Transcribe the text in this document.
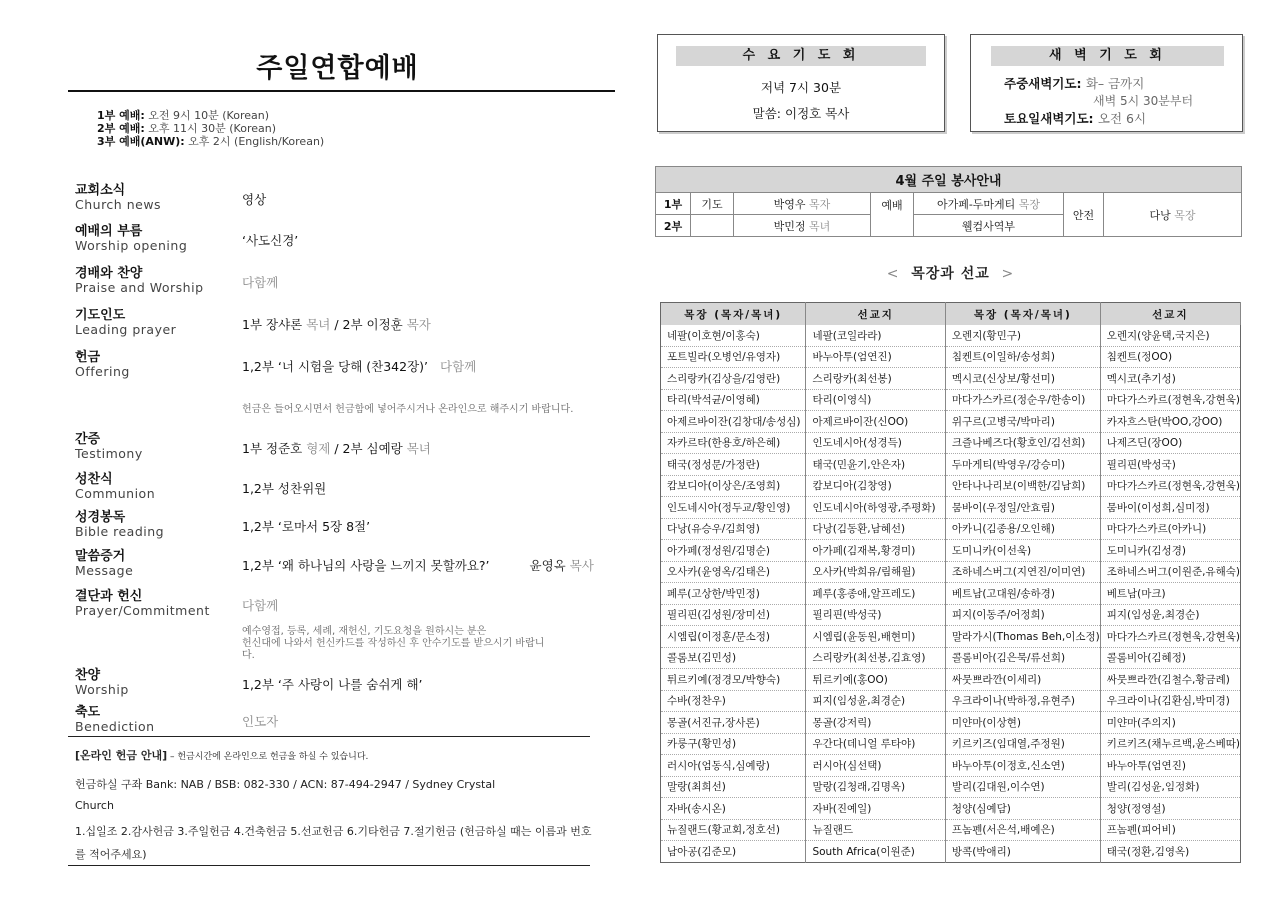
주일연합예배
1부 예배: 오전 9시 10분 (Korean)
2부 예배: 오후 11시 30분 (Korean)
3부 예배(ANW): 오후 2시 (English/Korean)
교회소식
Church news	영상
예배의 부름
Worship opening	‘사도신경’
경배와 찬양
Praise and Worship	다함께
기도인도
Leading prayer	1부 장샤론 목녀 / 2부 이정훈 목자
헌금
Offering	1,2부 ‘너 시험을 당해 (찬342장)’ 다함께
간증
Testimony	1부 정준호 형제 / 2부 심예랑 목녀
성찬식
Communion	1,2부 성찬위원
성경봉독
Bible reading	1,2부 ‘로마서 5장 8절’
말씀증거
Message	1,2부 ‘왜 하나님의 사랑을 느끼지 못할까요?’	윤영옥 목사
결단과 헌신
Prayer/Commitment	다함께
찬양
Worship	1,2부 ‘주 사랑이 나를 숨쉬게 해’
축도
Benediction	인도자
헌금은 들어오시면서 헌금함에 넣어주시거나 온라인으로 해주시기 바랍니다.
예수영접, 등록, 세례, 재헌신, 기도요청을 원하시는 분은
헌신대에 나와서 헌신카드를 작성하신 후 안수기도를 받으시기 바랍니
다.
[온라인 헌금 안내] – 헌금시간에 온라인으로 헌금을 하실 수 있습니다.
헌금하실 구좌 Bank: NAB / BSB: 082-330 / ACN: 87-494-2947 / Sydney Crystal
Church
1.십일조 2.감사헌금 3.주일헌금 4.건축헌금 5.선교헌금 6.기타헌금 7.절기헌금 (헌금하실 때는 이름과 번호
를 적어주세요)
수 요 기 도 회
저녁 7시 30분
말씀: 이정호 목사
새 벽 기 도 회
주중새벽기도: 화– 금까지
새벽 5시 30분부터
토요일새벽기도: 오전 6시
4월 주일 봉사안내						
1부	기도	박영우 목자	예배	아가페-두마게티 목장	안전	다낭 목장
2부		박민정 목녀		웰컴사역부		
< 목장과 선교 >
목장 (목자/목녀)	선교지	목장 (목자/목녀)	선교지
네팔(이호현/이홍숙)	네팔(코일라라)	오렌지(황민구)	오렌지(양윤택,국지은)
포트빌라(오병언/유영자)	바누아투(엄연진)	침켄트(이일하/송성희)	침켄트(정OO)
스리랑카(김상을/김영란)	스리랑카(최선봉)	멕시코(신상보/황선미)	멕시코(추기성)
타리(박석균/이영혜)	타리(이영식)	마다가스카르(정순우/한송이)	마다가스카르(정현욱,강현욱)
아제르바이잔(김창대/송성심)	아제르바이잔(신OO)	위구르(고병국/박마리)	카자흐스탄(박OO,강OO)
자카르타(한용호/하은혜)	인도네시아(성경득)	크즐나베즈다(황호인/김선희)	나제즈딘(장OO)
태국(정성문/가정란)	태국(민윤기,안은자)	두마게티(박영우/강승미)	필리핀(박성국)
캄보디아(이상은/조영희)	캄보디아(김창영)	안타나나리보(이백한/김남희)	마다가스카르(정현욱,강현욱)
인도네시아(정두교/황인영)	인도네시아(하영광,주평화)	뭄바이(우정일/안효림)	뭄바이(이성희,심미정)
다낭(유승우/김희영)	다낭(김동환,남혜선)	아카니(김종용/오인해)	마다가스카르(아카니)
아가페(정성원/김명순)	아가페(김재복,황경미)	도미니카(이선욱)	도미니카(김성경)
오사카(윤영옥/김태은)	오사카(박희유/림해월)	조하네스버그(지연진/이미연)	조하네스버그(이원준,유해숙)
페루(고상한/박민정)	페루(홍종애,알프레도)	베트남(고대원/송하경)	베트남(마크)
필리핀(김성원/장미선)	필리핀(박성국)	피지(이동주/어정희)	피지(임성윤,최경순)
시엠립(이정훈/문소정)	시엠립(윤동원,배현미)	말라가시(Thomas Beh,이소정)	마다가스카르(정현욱,강현욱)
콜롬보(김민성)	스리랑카(최선봉,김효영)	콜롬비아(김은묵/류선희)	콜롬비아(김혜정)
튀르키예(정경모/박향숙)	튀르키예(홍OO)	싸뭇쁘라깐(이세리)	싸뭇쁘라깐(김철수,황금례)
수바(정찬우)	피지(임성윤,최경순)	우크라이나(박하정,유현주)	우크라이나(김환심,박미경)
몽골(서진규,장사론)	몽골(강저릭)	미얀마(이상현)	미얀마(주의지)
카룽구(황민성)	우간다(데니얼 루타야)	키르키즈(임대열,주정원)	키르키즈(채누르백,윤스베따)
러시아(엄동식,심예랑)	러시아(심선택)	바누아투(이정호,신소연)	바누아투(엄연진)
말랑(최희선)	말랑(김청래,김명옥)	발리(김대원,이수연)	발리(김성윤,임정화)
자바(송시온)	자바(진예일)	청양(심예담)	청양(정영설)
뉴질랜드(황교회,정호선)	뉴질랜드	프놈펜(서은석,배예은)	프놈펜(피어비)
남아공(김준모)	South Africa(이원준)	방콕(박애리)	태국(정환,김영옥)
